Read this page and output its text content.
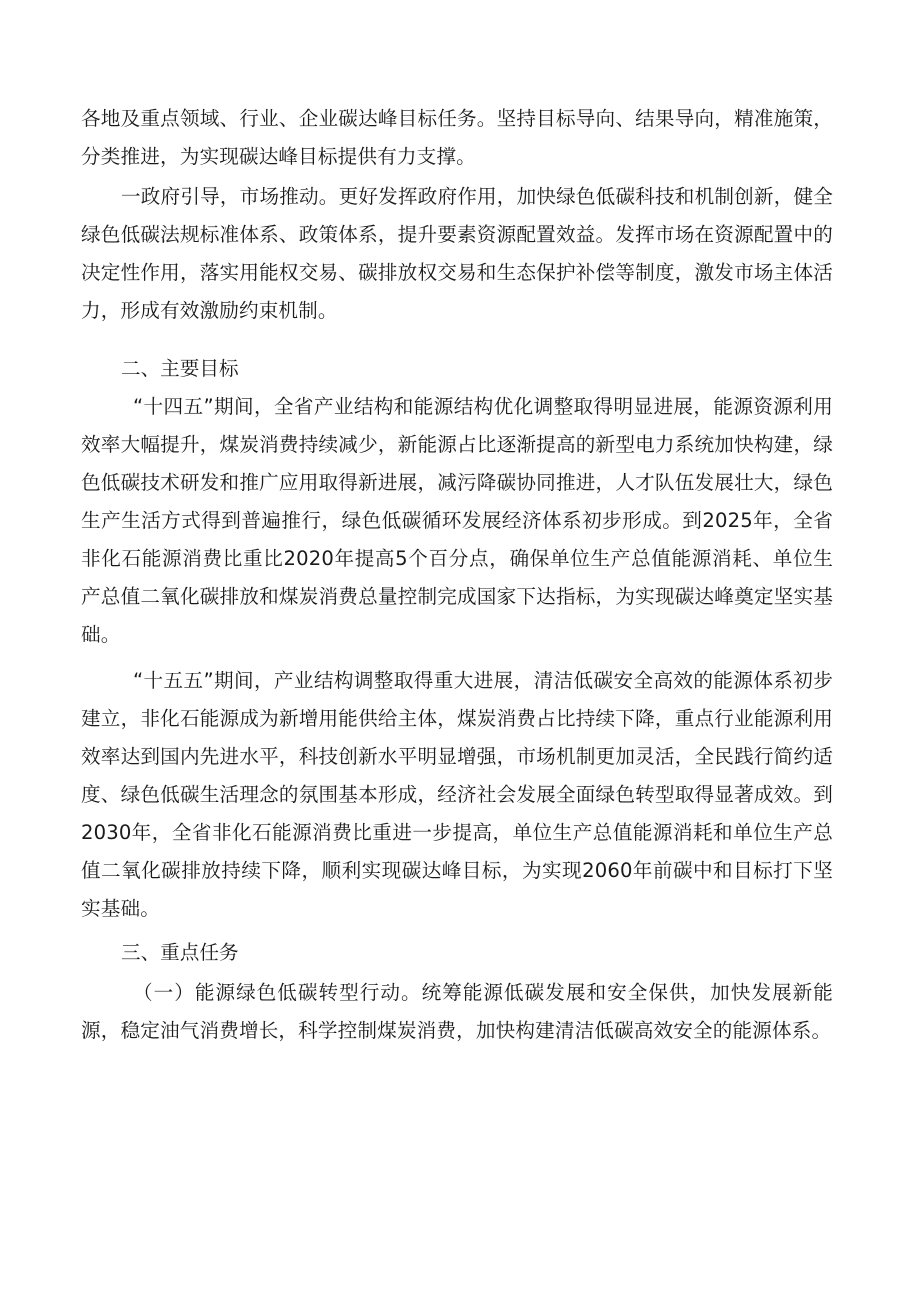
各地及重点领域、行业、企业碳达峰目标任务。坚持目标导向、结果导向，精准施策，分类推进，为实现碳达峰目标提供有力支撑。

一政府引导，市场推动。更好发挥政府作用，加快绿色低碳科技和机制创新，健全绿色低碳法规标准体系、政策体系，提升要素资源配置效益。发挥市场在资源配置中的决定性作用，落实用能权交易、碳排放权交易和生态保护补偿等制度，激发市场主体活力，形成有效激励约束机制。

二、主要目标

“十四五”期间，全省产业结构和能源结构优化调整取得明显进展，能源资源利用效率大幅提升，煤炭消费持续减少，新能源占比逐渐提高的新型电力系统加快构建，绿色低碳技术研发和推广应用取得新进展，减污降碳协同推进，人才队伍发展壮大，绿色生产生活方式得到普遍推行，绿色低碳循环发展经济体系初步形成。到2025年，全省非化石能源消费比重比2020年提高5个百分点，确保单位生产总值能源消耗、单位生产总值二氧化碳排放和煤炭消费总量控制完成国家下达指标，为实现碳达峰奠定坚实基础。

“十五五”期间，产业结构调整取得重大进展，清洁低碳安全高效的能源体系初步建立，非化石能源成为新增用能供给主体，煤炭消费占比持续下降，重点行业能源利用效率达到国内先进水平，科技创新水平明显增强，市场机制更加灵活，全民践行简约适度、绿色低碳生活理念的氛围基本形成，经济社会发展全面绿色转型取得显著成效。到2030年，全省非化石能源消费比重进一步提高，单位生产总值能源消耗和单位生产总值二氧化碳排放持续下降，顺利实现碳达峰目标，为实现2060年前碳中和目标打下坚实基础。

三、重点任务

（一）能源绿色低碳转型行动。统筹能源低碳发展和安全保供，加快发展新能源，稳定油气消费增长，科学控制煤炭消费，加快构建清洁低碳高效安全的能源体系。
